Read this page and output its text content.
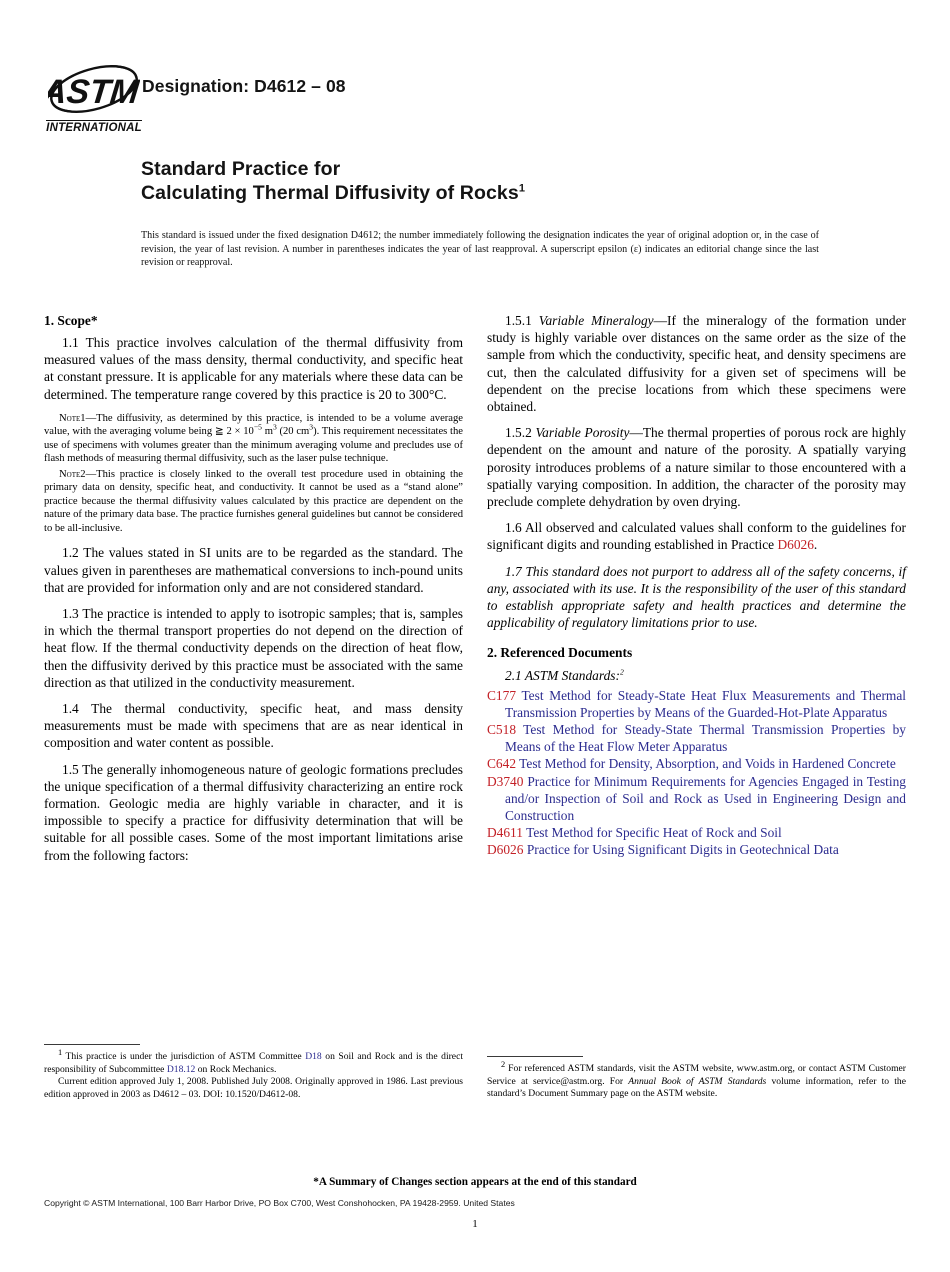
ASTM
INTERNATIONAL
Designation: D4612 – 08
Standard Practice for
Calculating Thermal Diffusivity of Rocks$^1$
This standard is issued under the fixed designation D4612; the number immediately following the designation indicates the year of original adoption or, in the case of revision, the year of last revision. A number in parentheses indicates the year of last reapproval. A superscript epsilon (ε) indicates an editorial change since the last revision or reapproval.
1. Scope*

1.1 This practice involves calculation of the thermal diffusivity from measured values of the mass density, thermal conductivity, and specific heat at constant pressure. It is applicable for any materials where these data can be determined. The temperature range covered by this practice is 20 to 300°C.

Note1—The diffusivity, as determined by this practice, is intended to be a volume average value, with the averaging volume being ≧ $2 \times 10^{-5}$ $m^3$ (20 $cm^3$). This requirement necessitates the use of specimens with volumes greater than the minimum averaging volume and precludes use of flash methods of measuring thermal diffusivity, such as the laser pulse technique.

Note2—This practice is closely linked to the overall test procedure used in obtaining the primary data on density, specific heat, and conductivity. It cannot be used as a “stand alone” practice because the thermal diffusivity values calculated by this practice are dependent on the nature of the primary data base. The practice furnishes general guidelines but cannot be considered to be all-inclusive.

1.2 The values stated in SI units are to be regarded as the standard. The values given in parentheses are mathematical conversions to inch-pound units that are provided for information only and are not considered standard.

1.3 The practice is intended to apply to isotropic samples; that is, samples in which the thermal transport properties do not depend on the direction of heat flow. If the thermal conductivity depends on the direction of heat flow, then the diffusivity derived by this practice must be associated with the same direction as that utilized in the conductivity measurement.

1.4 The thermal conductivity, specific heat, and mass density measurements must be made with specimens that are as near identical in composition and water content as possible.

1.5 The generally inhomogeneous nature of geologic formations precludes the unique specification of a thermal diffusivity characterizing an entire rock formation. Geologic media are highly variable in character, and it is impossible to specify a practice for diffusivity determination that will be suitable for all possible cases. Some of the most important limitations arise from the following factors:

1.5.1 Variable Mineralogy—If the mineralogy of the formation under study is highly variable over distances on the same order as the size of the sample from which the conductivity, specific heat, and density specimens are cut, then the calculated diffusivity for a given set of specimens will be dependent on the precise locations from which these specimens were obtained.

1.5.2 Variable Porosity—The thermal properties of porous rock are highly dependent on the amount and nature of the porosity. A spatially varying porosity introduces problems of a nature similar to those encountered with a spatially varying composition. In addition, the character of the porosity may preclude complete dehydration by oven drying.

1.6 All observed and calculated values shall conform to the guidelines for significant digits and rounding established in Practice D6026.

1.7 This standard does not purport to address all of the safety concerns, if any, associated with its use. It is the responsibility of the user of this standard to establish appropriate safety and health practices and determine the applicability of regulatory limitations prior to use.

2. Referenced Documents

2.1 ASTM Standards:$^2$

C177 Test Method for Steady-State Heat Flux Measurements and Thermal Transmission Properties by Means of the Guarded-Hot-Plate Apparatus
C518 Test Method for Steady-State Thermal Transmission Properties by Means of the Heat Flow Meter Apparatus
C642 Test Method for Density, Absorption, and Voids in Hardened Concrete
D3740 Practice for Minimum Requirements for Agencies Engaged in Testing and/or Inspection of Soil and Rock as Used in Engineering Design and Construction
D4611 Test Method for Specific Heat of Rock and Soil
D6026 Practice for Using Significant Digits in Geotechnical Data

$^1$ This practice is under the jurisdiction of ASTM Committee D18 on Soil and Rock and is the direct responsibility of Subcommittee D18.12 on Rock Mechanics.

Current edition approved July 1, 2008. Published July 2008. Originally approved in 1986. Last previous edition approved in 2003 as D4612 – 03. DOI: 10.1520/D4612-08.

$^2$ For referenced ASTM standards, visit the ASTM website, www.astm.org, or contact ASTM Customer Service at service@astm.org. For Annual Book of ASTM Standards volume information, refer to the standard’s Document Summary page on the ASTM website.

*A Summary of Changes section appears at the end of this standard
Copyright © ASTM International, 100 Barr Harbor Drive, PO Box C700, West Conshohocken, PA 19428-2959. United States
1
